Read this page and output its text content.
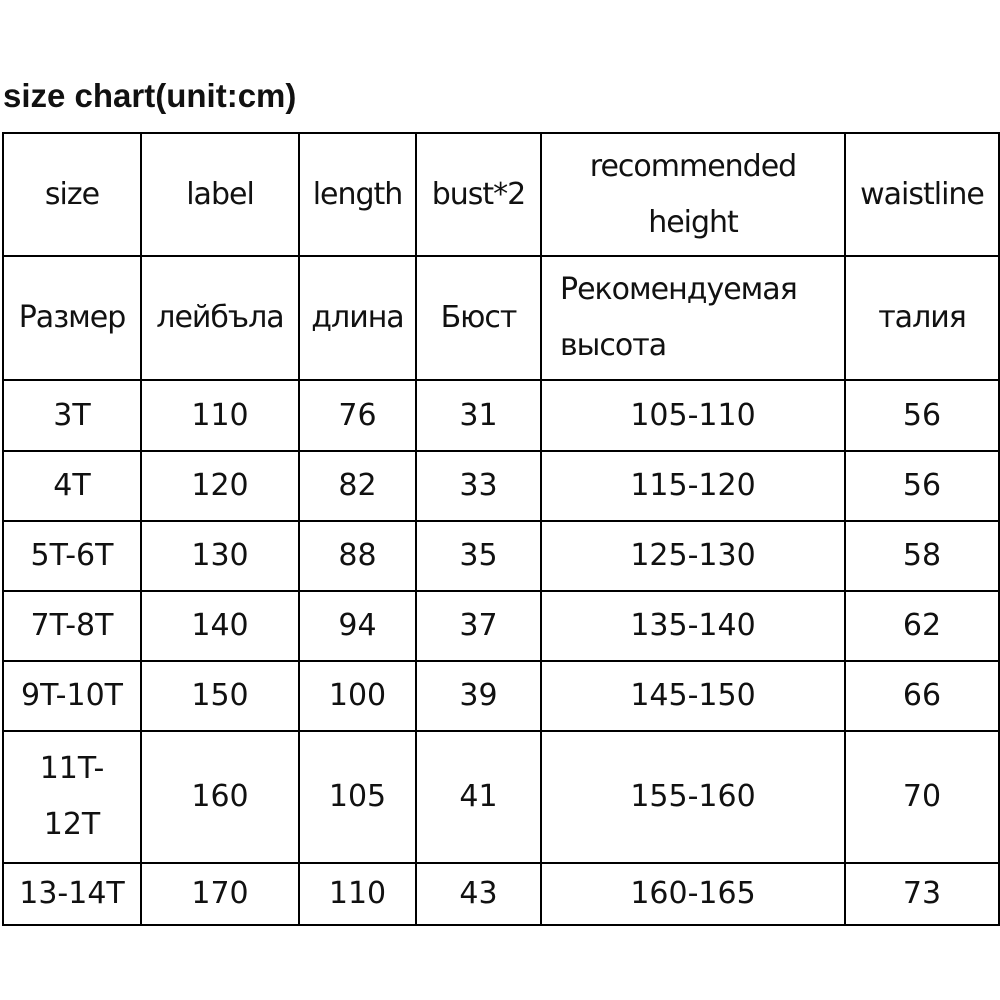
size chart(unit:cm)
size	label	length	bust*2	recommended height	waistline
Размер	лейбъла	длина	Бюст	Рекомендуемая высота	талия
3T	110	76	31	105-110	56
4T	120	82	33	115-120	56
5T-6T	130	88	35	125-130	58
7T-8T	140	94	37	135-140	62
9T-10T	150	100	39	145-150	66

11T-12T	160	105	41	155-160	70
13-14T	170	110	43	160-165	73
